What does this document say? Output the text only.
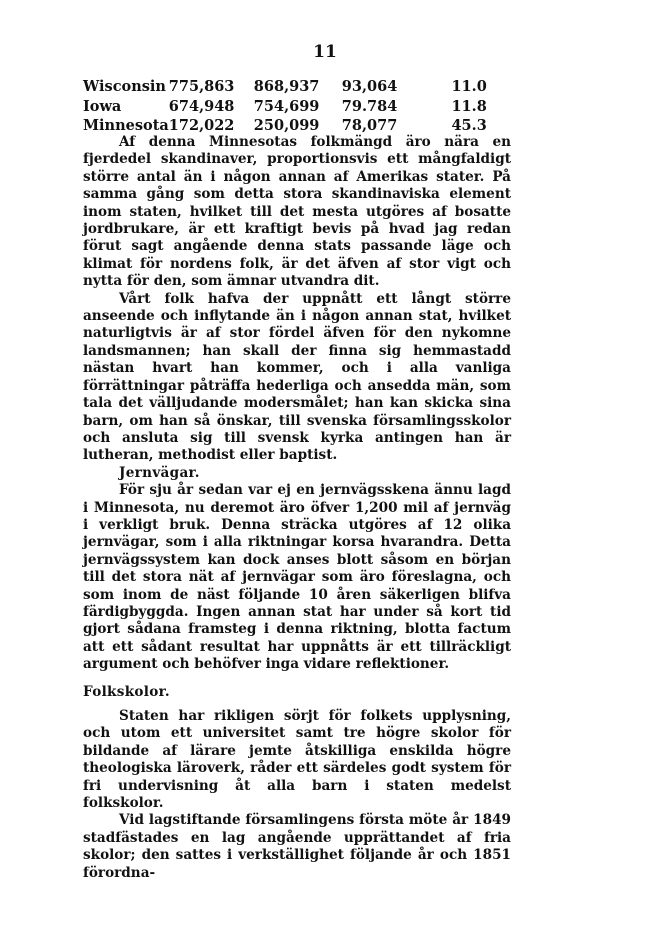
11
Wisconsin	775,863	868,937	93,064	11.0
Iowa	674,948	754,699	79.784	11.8
Minnesota	172,022	250,099	78,077	45.3

Af denna Minnesotas folkmängd äro nära en fjerdedel skandinaver, proportionsvis ett mångfaldigt större antal än i någon annan af Amerikas stater. På samma gång som detta stora skandinaviska element inom staten, hvilket till det mesta utgöres af bosatte jordbrukare, är ett kraftigt bevis på hvad jag redan förut sagt angående denna stats passande läge och klimat för nordens folk, är det äfven af stor vigt och nytta för den, som ämnar utvandra dit.

Vårt folk hafva der uppnått ett långt större anseende och inflytande än i någon annan stat, hvilket naturligtvis är af stor fördel äfven för den nykomne landsmannen; han skall der finna sig hemmastadd nästan hvart han kommer, och i alla vanliga förrättningar påträffa hederliga och ansedda män, som tala det välljudande modersmålet; han kan skicka sina barn, om han så önskar, till svenska församlingsskolor och ansluta sig till svensk kyrka antingen han är lutheran, methodist eller baptist.

Jernvägar.

För sju år sedan var ej en jernvägsskena ännu lagd i Minnesota, nu deremot äro öfver 1,200 mil af jernväg i verkligt bruk. Denna sträcka utgöres af 12 olika jernvägar, som i alla riktningar korsa hvarandra. Detta jernvägssystem kan dock anses blott såsom en början till det stora nät af jernvägar som äro föreslagna, och som inom de näst följande 10 åren säkerligen blifva färdigbyggda. Ingen annan stat har under så kort tid gjort sådana framsteg i denna riktning, blotta factum att ett sådant resultat har uppnåtts är ett tillräckligt argument och behöfver inga vidare reflektioner.

Folkskolor.

Staten har rikligen sörjt för folkets upplysning, och utom ett universitet samt tre högre skolor för bildande af lärare jemte åtskilliga enskilda högre theologiska läroverk, råder ett särdeles godt system för fri undervisning åt alla barn i staten medelst folkskolor.

Vid lagstiftande församlingens första möte år 1849 stadfästades en lag angående upprättandet af fria skolor; den sattes i verkställighet följande år och 1851 förordna-
